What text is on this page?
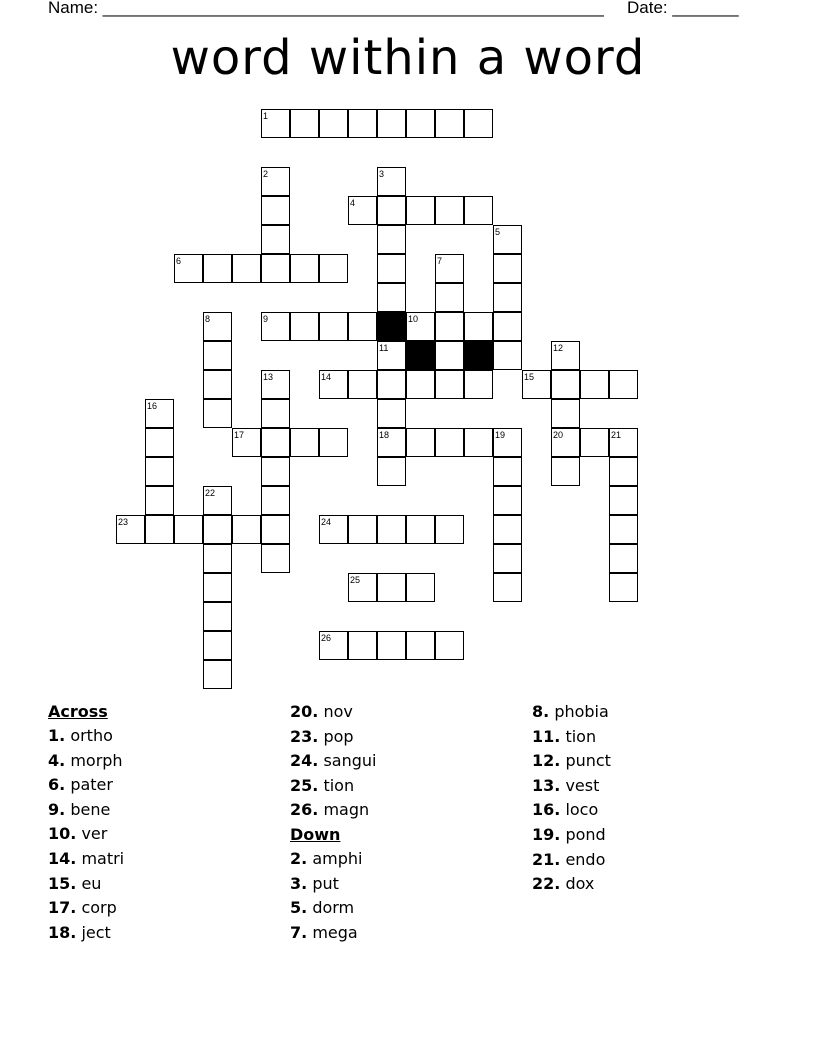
Name: _____________________________________________________ Date: _______
word within a word
1
2	3
4
5
6	7
8	9	10
11	12
13	14	15
16
17	18	19	20	21
22
23	24
25
26
Across
1. ortho
4. morph
6. pater
9. bene
10. ver
14. matri
15. eu
17. corp
18. ject
20. nov
23. pop
24. sangui
25. tion
26. magn
Down
2. amphi
3. put
5. dorm
7. mega
8. phobia
11. tion
12. punct
13. vest
16. loco
19. pond
21. endo
22. dox
